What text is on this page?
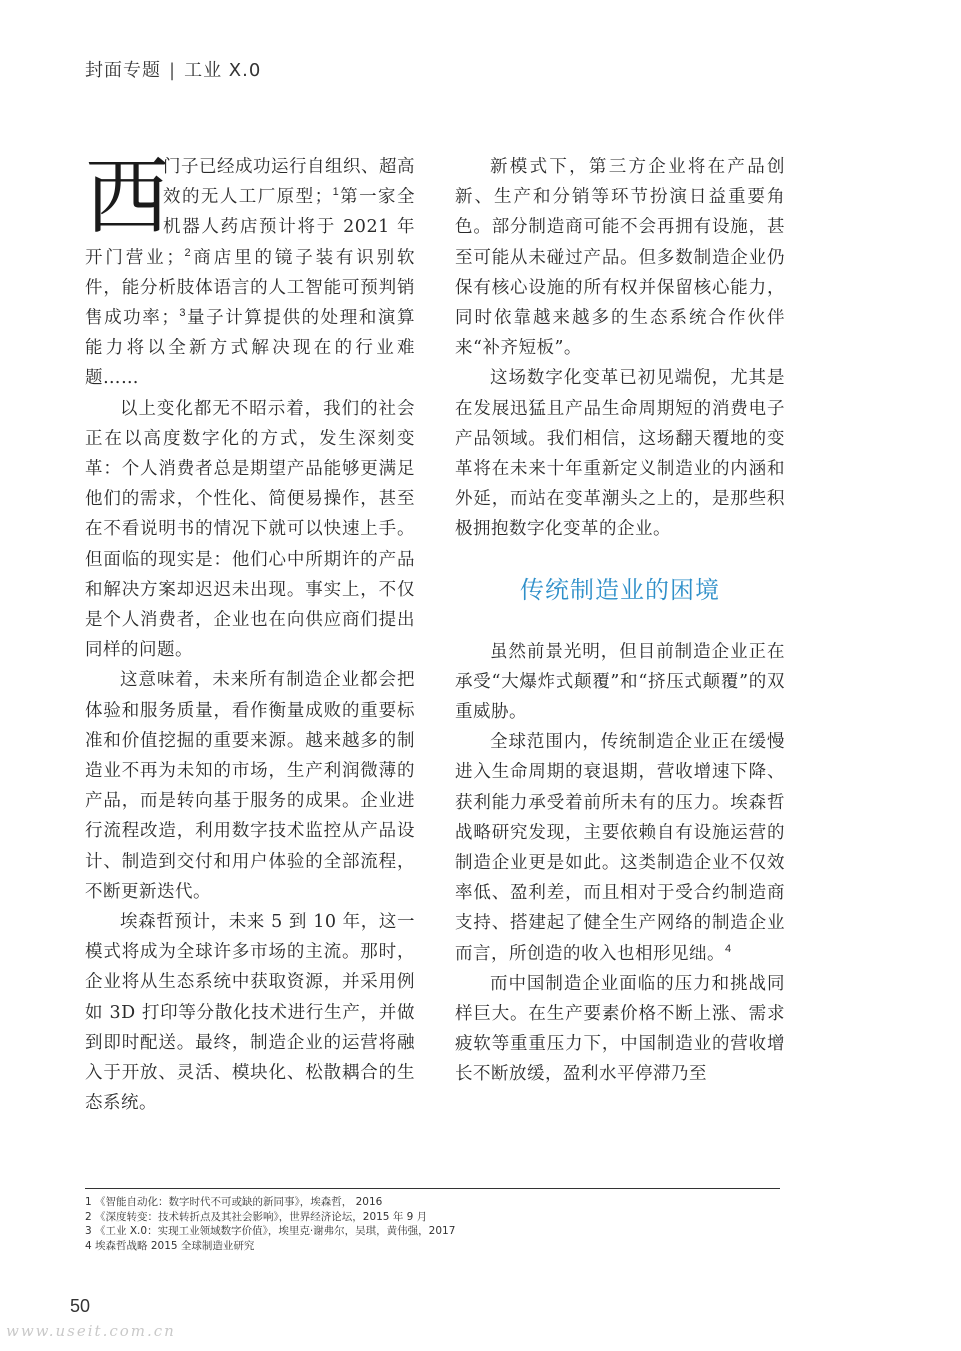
封面专题 | 工业 X.0

西
门子已经成功运行自组织、超高效的无人工厂原型；$^1$第一家全机器人药店预计将于 2021 年开门营业；$^2$商店里的镜子装有识别软件，能分析肢体语言的人工智能可预判销售成功率；$^3$量子计算提供的处理和演算能力将以全新方式解决现在的行业难题……

以上变化都无不昭示着，我们的社会正在以高度数字化的方式，发生深刻变革：个人消费者总是期望产品能够更满足他们的需求，个性化、简便易操作，甚至在不看说明书的情况下就可以快速上手。但面临的现实是：他们心中所期许的产品和解决方案却迟迟未出现。事实上，不仅是个人消费者，企业也在向供应商们提出同样的问题。

这意味着，未来所有制造企业都会把体验和服务质量，看作衡量成败的重要标准和价值挖掘的重要来源。越来越多的制造业不再为未知的市场，生产利润微薄的产品，而是转向基于服务的成果。企业进行流程改造，利用数字技术监控从产品设计、制造到交付和用户体验的全部流程，不断更新迭代。

埃森哲预计，未来 5 到 10 年，这一模式将成为全球许多市场的主流。那时，企业将从生态系统中获取资源，并采用例如 3D 打印等分散化技术进行生产，并做到即时配送。最终，制造企业的运营将融入于开放、灵活、模块化、松散耦合的生态系统。

新模式下，第三方企业将在产品创新、生产和分销等环节扮演日益重要角色。部分制造商可能不会再拥有设施，甚至可能从未碰过产品。但多数制造企业仍保有核心设施的所有权并保留核心能力，同时依靠越来越多的生态系统合作伙伴来“补齐短板”。

这场数字化变革已初见端倪，尤其是在发展迅猛且产品生命周期短的消费电子产品领域。我们相信，这场翻天覆地的变革将在未来十年重新定义制造业的内涵和外延，而站在变革潮头之上的，是那些积极拥抱数字化变革的企业。

传统制造业的困境

虽然前景光明，但目前制造企业正在承受“大爆炸式颠覆”和“挤压式颠覆”的双重威胁。

全球范围内，传统制造企业正在缓慢进入生命周期的衰退期，营收增速下降、获利能力承受着前所未有的压力。埃森哲战略研究发现，主要依赖自有设施运营的制造企业更是如此。这类制造企业不仅效率低、盈利差，而且相对于受合约制造商支持、搭建起了健全生产网络的制造企业而言，所创造的收入也相形见绌。$^4$

而中国制造企业面临的压力和挑战同样巨大。在生产要素价格不断上涨、需求疲软等重重压力下，中国制造业的营收增长不断放缓，盈利水平停滞乃至

1 《智能自动化：数字时代不可或缺的新同事》，埃森哲， 2016
2 《深度转变：技术转折点及其社会影响》，世界经济论坛，2015 年 9 月
3 《工业 X.0：实现工业领域数字价值》，埃里克·谢弗尔，吴琪，黄伟强，2017
4 埃森哲战略 2015 全球制造业研究
50
www.useit.com.cn
